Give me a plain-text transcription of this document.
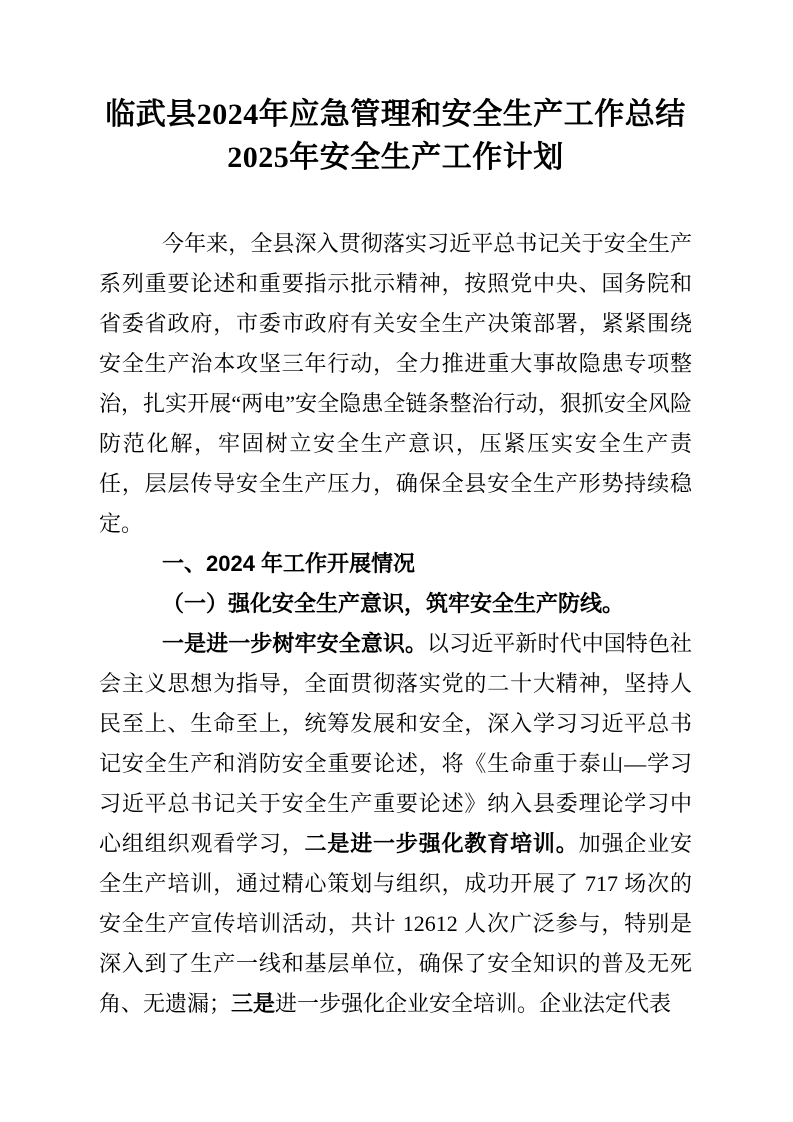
临武县2024年应急管理和安全生产工作总结
2025年安全生产工作计划

今年来，全县深入贯彻落实习近平总书记关于安全生产系列重要论述和重要指示批示精神，按照党中央、国务院和省委省政府，市委市政府有关安全生产决策部署，紧紧围绕安全生产治本攻坚三年行动，全力推进重大事故隐患专项整治，扎实开展“两电”安全隐患全链条整治行动，狠抓安全风险防范化解，牢固树立安全生产意识，压紧压实安全生产责任，层层传导安全生产压力，确保全县安全生产形势持续稳定。

一、2024 年工作开展情况

（一）强化安全生产意识，筑牢安全生产防线。

一是进一步树牢安全意识。以习近平新时代中国特色社会主义思想为指导，全面贯彻落实党的二十大精神，坚持人民至上、生命至上，统筹发展和安全，深入学习习近平总书记安全生产和消防安全重要论述，将《生命重于泰山—学习习近平总书记关于安全生产重要论述》纳入县委理论学习中心组组织观看学习，二是进一步强化教育培训。加强企业安全生产培训，通过精心策划与组织，成功开展了 717 场次的安全生产宣传培训活动，共计 12612 人次广泛参与，特别是深入到了生产一线和基层单位，确保了安全知识的普及无死角、无遗漏；三是进一步强化企业安全培训。企业法定代表
